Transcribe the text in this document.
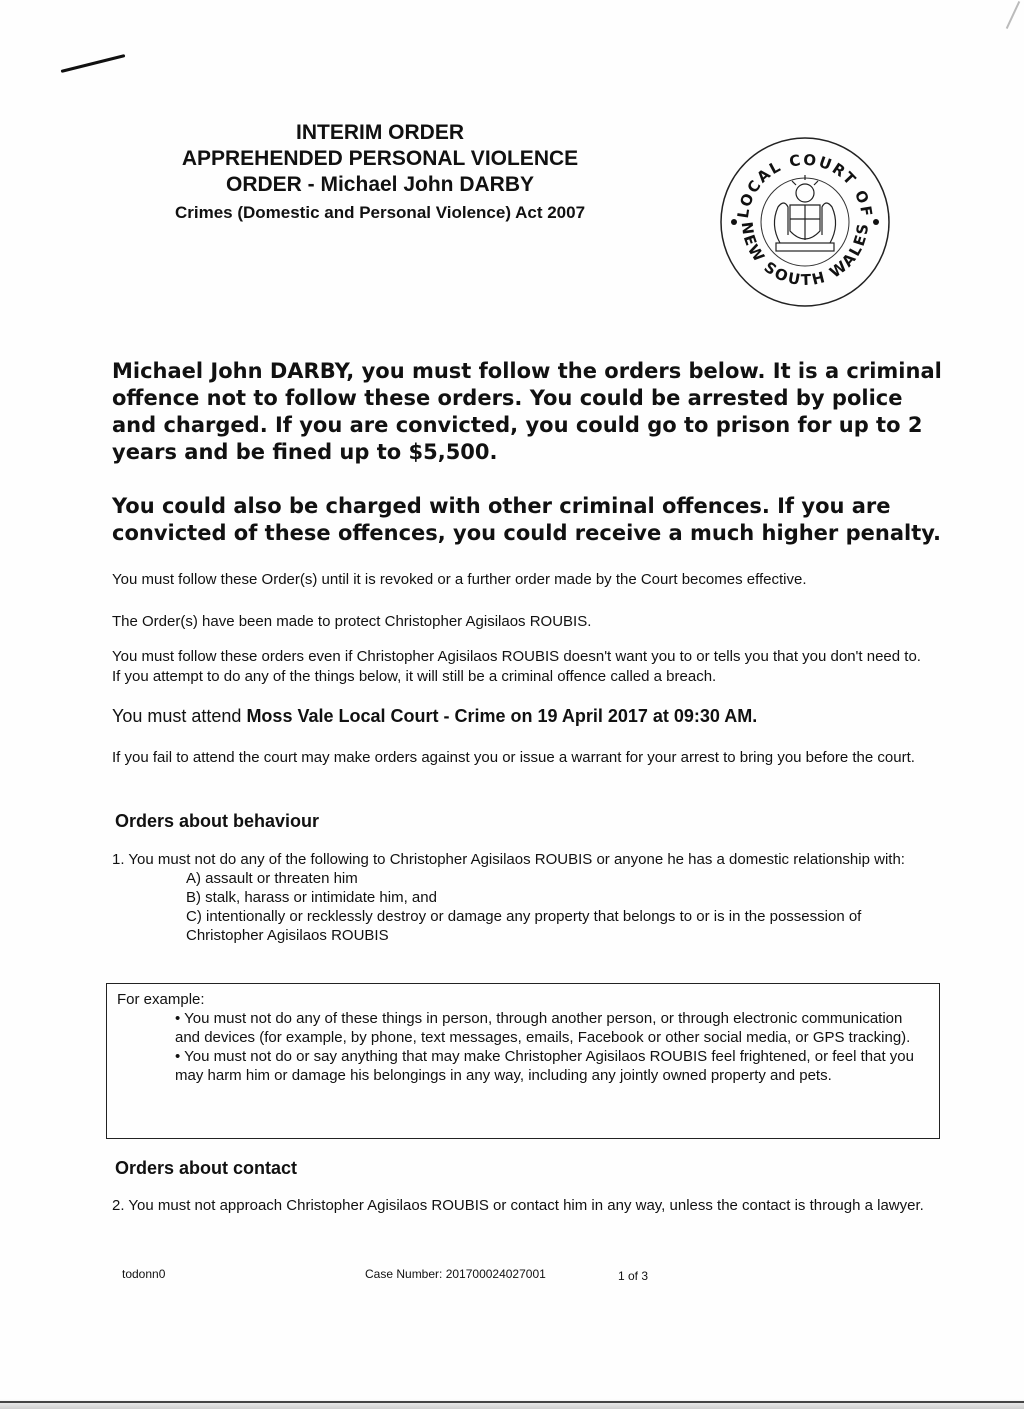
INTERIM ORDER
APPREHENDED PERSONAL VIOLENCE
ORDER - Michael John DARBY
Crimes (Domestic and Personal Violence) Act 2007	LOCAL COURT OF
NEW SOUTH WALES

Michael John DARBY, you must follow the orders below. It is a criminal offence not to follow these orders. You could be arrested by police and charged. If you are convicted, you could go to prison for up to 2 years and be fined up to $5,500.

You could also be charged with other criminal offences. If you are convicted of these offences, you could receive a much higher penalty.

You must follow these Order(s) until it is revoked or a further order made by the Court becomes effective.

The Order(s) have been made to protect Christopher Agisilaos ROUBIS.

You must follow these orders even if Christopher Agisilaos ROUBIS doesn't want you to or tells you that you don't need to. If you attempt to do any of the things below, it will still be a criminal offence called a breach.

You must attend Moss Vale Local Court - Crime on 19 April 2017 at 09:30 AM.

If you fail to attend the court may make orders against you or issue a warrant for your arrest to bring you before the court.

Orders about behaviour
1. You must not do any of the following to Christopher Agisilaos ROUBIS or anyone he has a domestic relationship with:
A) assault or threaten him
B) stalk, harass or intimidate him, and
C) intentionally or recklessly destroy or damage any property that belongs to or is in the possession of Christopher Agisilaos ROUBIS
For example:
• You must not do any of these things in person, through another person, or through electronic communication and devices (for example, by phone, text messages, emails, Facebook or other social media, or GPS tracking).
• You must not do or say anything that may make Christopher Agisilaos ROUBIS feel frightened, or feel that you may harm him or damage his belongings in any way, including any jointly owned property and pets.
Orders about contact

2. You must not approach Christopher Agisilaos ROUBIS or contact him in any way, unless the contact is through a lawyer.

todonn0	Case Number: 201700024027001	1 of 3
